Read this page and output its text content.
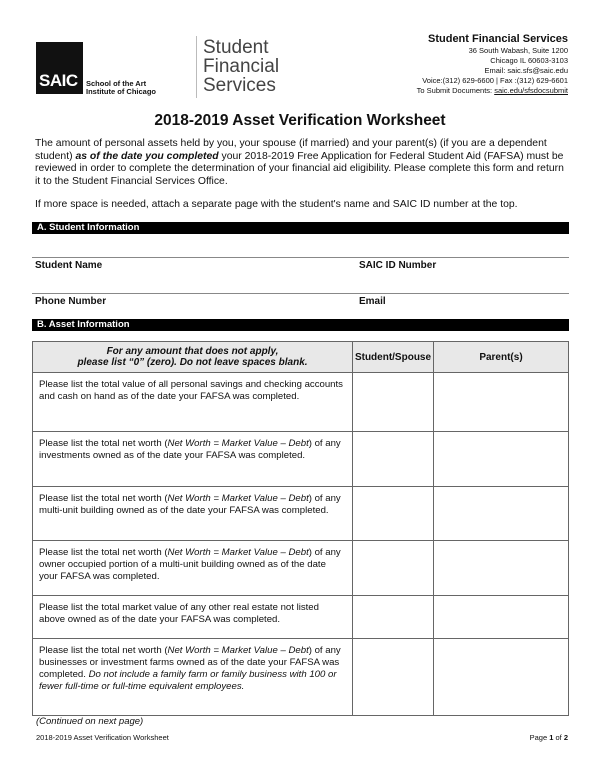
SAIC School of the Art Institute of Chicago
Student Financial Services
Student Financial Services
36 South Wabash, Suite 1200
Chicago IL 60603-3103
Email: saic.sfs@saic.edu
Voice:(312) 629-6600 | Fax :(312) 629-6601
To Submit Documents: saic.edu/sfsdocsubmit
2018-2019 Asset Verification Worksheet
The amount of personal assets held by you, your spouse (if married) and your parent(s) (if you are a dependent student) as of the date you completed your 2018-2019 Free Application for Federal Student Aid (FAFSA) must be reviewed in order to complete the determination of your financial aid eligibility. Please complete this form and return it to the Student Financial Services Office.
If more space is needed, attach a separate page with the student's name and SAIC ID number at the top.
A. Student Information
Student Name	SAIC ID Number
Phone Number	Email
B. Asset Information
For any amount that does not apply,
please list “0” (zero). Do not leave spaces blank.	Student/Spouse	Parent(s)
Please list the total value of all personal savings and checking accounts and cash on hand as of the date your FAFSA was completed.		
Please list the total net worth (Net Worth = Market Value – Debt) of any investments owned as of the date your FAFSA was completed.		
Please list the total net worth (Net Worth = Market Value – Debt) of any multi-unit building owned as of the date your FAFSA was completed.		
Please list the total net worth (Net Worth = Market Value – Debt) of any owner occupied portion of a multi-unit building owned as of the date your FAFSA was completed.		
Please list the total market value of any other real estate not listed above owned as of the date your FAFSA was completed.		
Please list the total net worth (Net Worth = Market Value – Debt) of any businesses or investment farms owned as of the date your FAFSA was completed. Do not include a family farm or family business with 100 or fewer full-time or full-time equivalent employees.		
(Continued on next page)
2018-2019 Asset Verification Worksheet	Page 1 of 2
